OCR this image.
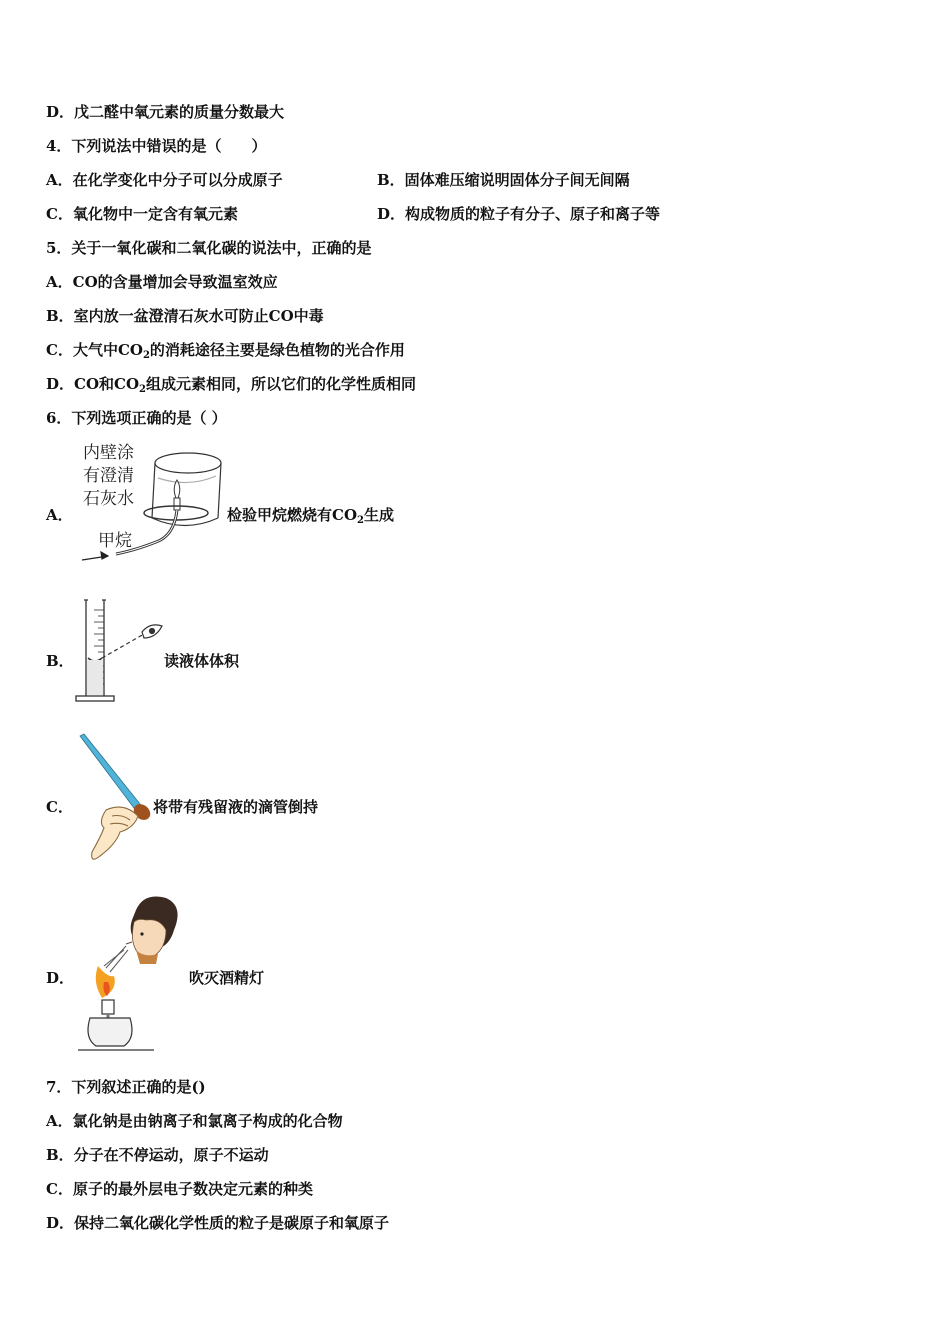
D．戊二醛中氧元素的质量分数最大
4．下列说法中错误的是（　　）
A．在化学变化中分子可以分成原子	B．固体难压缩说明固体分子间无间隔
C．氧化物中一定含有氧元素	D．构成物质的粒子有分子、原子和离子等
5．关于一氧化碳和二氧化碳的说法中，正确的是
A．CO的含量增加会导致温室效应
B．室内放一盆澄清石灰水可防止CO中毒
C．大气中$CO_2$的消耗途径主要是绿色植物的光合作用
D．CO和$CO_2$组成元素相同，所以它们的化学性质相同
6．下列选项正确的是（ ）
A．
内壁涂
有澄清
石灰水
甲烷
检验甲烷燃烧有$CO_2$生成
B．	读液体体积
C．	将带有残留液的滴管倒持
D．	吹灭酒精灯
7．下列叙述正确的是()
A．氯化钠是由钠离子和氯离子构成的化合物
B．分子在不停运动，原子不运动
C．原子的最外层电子数决定元素的种类
D．保持二氧化碳化学性质的粒子是碳原子和氧原子
